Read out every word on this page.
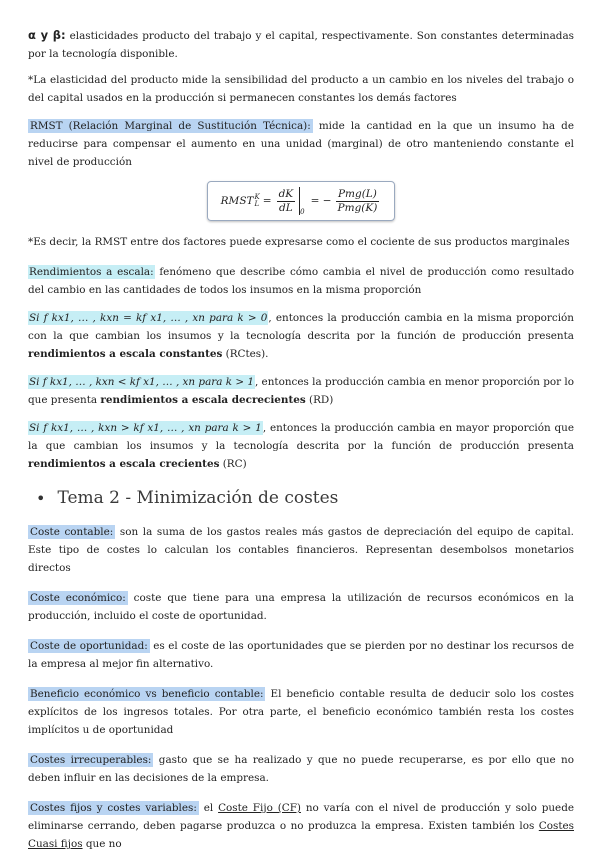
α y β: elasticidades producto del trabajo y el capital, respectivamente. Son constantes determinadas por la tecnología disponible.

*La elasticidad del producto mide la sensibilidad del producto a un cambio en los niveles del trabajo o del capital usados en la producción si permanecen constantes los demás factores

RMST (Relación Marginal de Sustitución Técnica): mide la cantidad en la que un insumo ha de reducirse para compensar el aumento en una unidad (marginal) de otro manteniendo constante el nivel de producción

RMST K
$L = \frac{dK}{dL} 0$
= − $\frac{\text{Pmg(L)}}{\text{Pmg(K)}}$

*Es decir, la RMST entre dos factores puede expresarse como el cociente de sus productos marginales

Rendimientos a escala: fenómeno que describe cómo cambia el nivel de producción como resultado del cambio en las cantidades de todos los insumos en la misma proporción

Si f kx1, … , kxn = kf x1, … , xn para k > 0, entonces la producción cambia en la misma proporción con la que cambian los insumos y la tecnología descrita por la función de producción presenta rendimientos a escala constantes (RCtes).

Si f kx1, … , kxn < kf x1, … , xn para k > 1, entonces la producción cambia en menor proporción por lo que presenta rendimientos a escala decrecientes (RD)

Si f kx1, … , kxn > kf x1, … , xn para k > 1, entonces la producción cambia en mayor proporción que la que cambian los insumos y la tecnología descrita por la función de producción presenta rendimientos a escala crecientes (RC)

• Tema 2 - Minimización de costes

Coste contable: son la suma de los gastos reales más gastos de depreciación del equipo de capital. Este tipo de costes lo calculan los contables financieros. Representan desembolsos monetarios directos

Coste económico: coste que tiene para una empresa la utilización de recursos económicos en la producción, incluido el coste de oportunidad.

Coste de oportunidad: es el coste de las oportunidades que se pierden por no destinar los recursos de la empresa al mejor fin alternativo.

Beneficio económico vs beneficio contable: El beneficio contable resulta de deducir solo los costes explícitos de los ingresos totales. Por otra parte, el beneficio económico también resta los costes implícitos u de oportunidad

Costes irrecuperables: gasto que se ha realizado y que no puede recuperarse, es por ello que no deben influir en las decisiones de la empresa.

Costes fijos y costes variables: el Coste Fijo (CF) no varía con el nivel de producción y solo puede eliminarse cerrando, deben pagarse produzca o no produzca la empresa. Existen también los Costes Cuasi fijos que no
